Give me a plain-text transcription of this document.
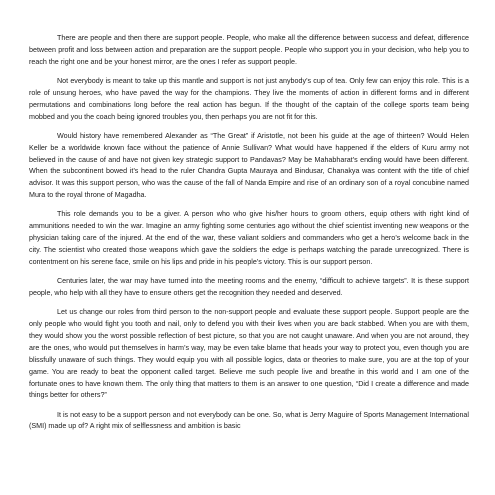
There are people and then there are support people. People, who make all the difference between success and defeat, difference between profit and loss between action and preparation are the support people. People who support you in your decision, who help you to reach the right one and be your honest mirror, are the ones I refer as support people.

Not everybody is meant to take up this mantle and support is not just anybody’s cup of tea. Only few can enjoy this role. This is a role of unsung heroes, who have paved the way for the champions. They live the moments of action in different forms and in different permutations and combinations long before the real action has begun. If the thought of the captain of the college sports team being mobbed and you the coach being ignored troubles you, then perhaps you are not fit for this.

Would history have remembered Alexander as “The Great” if Aristotle, not been his guide at the age of thirteen? Would Helen Keller be a worldwide known face without the patience of Annie Sullivan? What would have happened if the elders of Kuru army not believed in the cause of and have not given key strategic support to Pandavas? May be Mahabharat’s ending would have been different. When the subcontinent bowed it’s head to the ruler Chandra Gupta Mauraya and Bindusar, Chanakya was content with the title of chief advisor. It was this support person, who was the cause of the fall of Nanda Empire and rise of an ordinary son of a royal concubine named Mura to the royal throne of Magadha.

This role demands you to be a giver. A person who who give his/her hours to groom others, equip others with right kind of ammunitions needed to win the war. Imagine an army fighting some centuries ago without the chief scientist inventing new weapons or the physician taking care of the injured. At the end of the war, these valiant soldiers and commanders who get a hero’s welcome back in the city. The scientist who created those weapons which gave the soldiers the edge is perhaps watching the parade unrecognized. There is contentment on his serene face, smile on his lips and pride in his people’s victory. This is our support person.

Centuries later, the war may have turned into the meeting rooms and the enemy, “difficult to achieve targets”. It is these support people, who help with all they have to ensure others get the recognition they needed and deserved.

Let us change our roles from third person to the non-support people and evaluate these support people. Support people are the only people who would fight you tooth and nail, only to defend you with their lives when you are back stabbed. When you are with them, they would show you the worst possible reflection of best picture, so that you are not caught unaware. And when you are not around, they are the ones, who would put themselves in harm’s way, may be even take blame that heads your way to protect you, even though you are blissfully unaware of such things. They would equip you with all possible logics, data or theories to make sure, you are at the top of your game. You are ready to beat the opponent called target. Believe me such people live and breathe in this world and I am one of the fortunate ones to have known them. The only thing that matters to them is an answer to one question, “Did I create a difference and made things better for others?”

It is not easy to be a support person and not everybody can be one. So, what is Jerry Maguire of Sports Management International (SMI) made up of? A right mix of selflessness and ambition is basic
